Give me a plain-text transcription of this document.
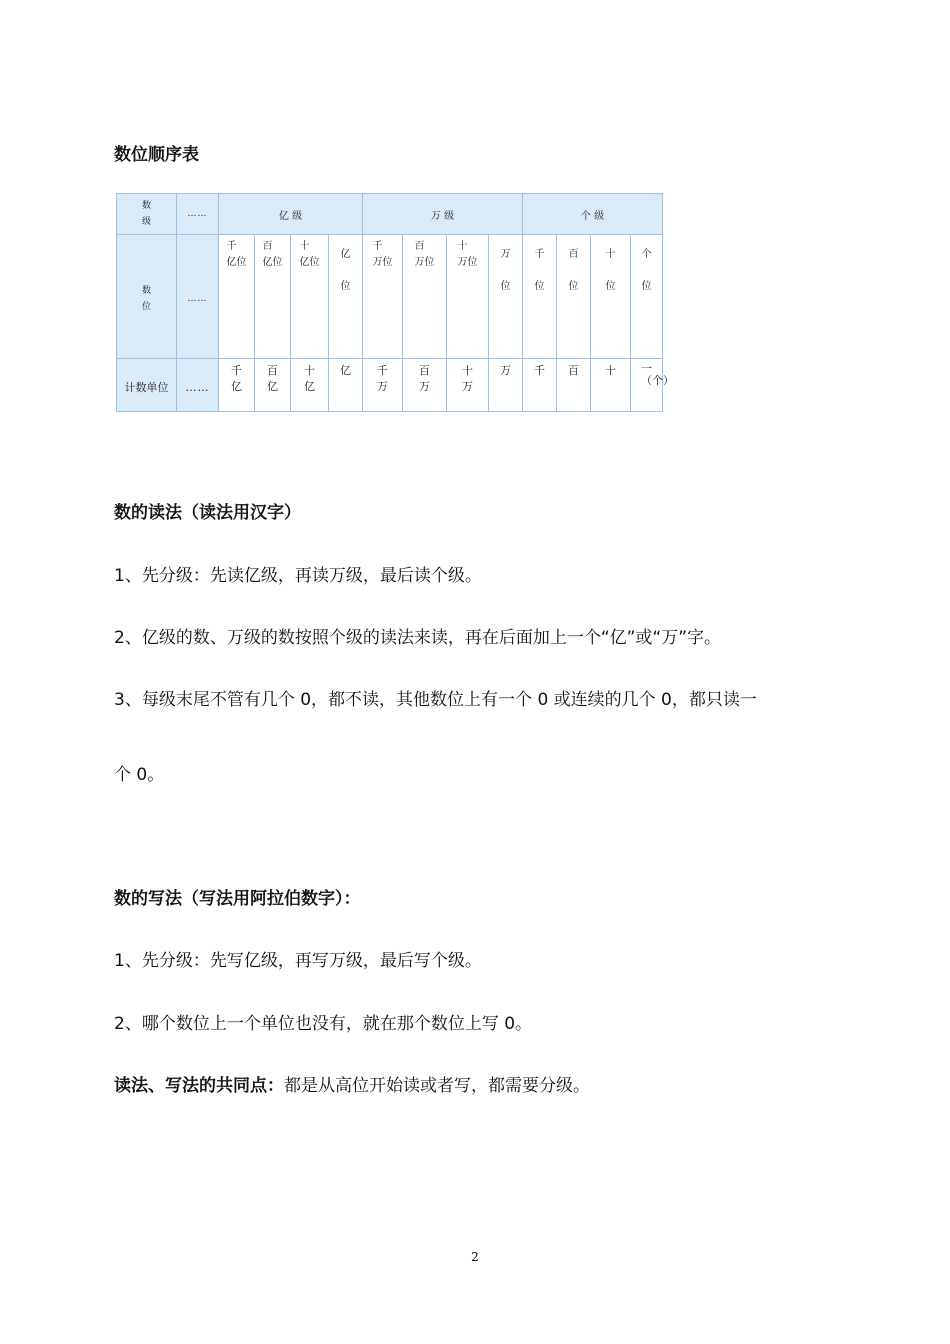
数位顺序表
数级	……	亿 级				万 级				个 级			
数位	……	千亿位	百亿位	十亿位	亿位	千万位	百万位	十万位	万位	千位	百位	十位	个位
计数单位	……	千亿	百亿	十亿	亿	千万	百万	十万	万	千	百	十	一（个）
数的读法（读法用汉字）
1、先分级：先读亿级，再读万级，最后读个级。
2、亿级的数、万级的数按照个级的读法来读，再在后面加上一个“亿”或“万”字。
3、每级末尾不管有几个 0，都不读，其他数位上有一个 0 或连续的几个 0，都只读一
个 0。
数的写法（写法用阿拉伯数字）：
1、先分级：先写亿级，再写万级，最后写个级。
2、哪个数位上一个单位也没有，就在那个数位上写 0。
读法、写法的共同点：都是从高位开始读或者写，都需要分级。
2
